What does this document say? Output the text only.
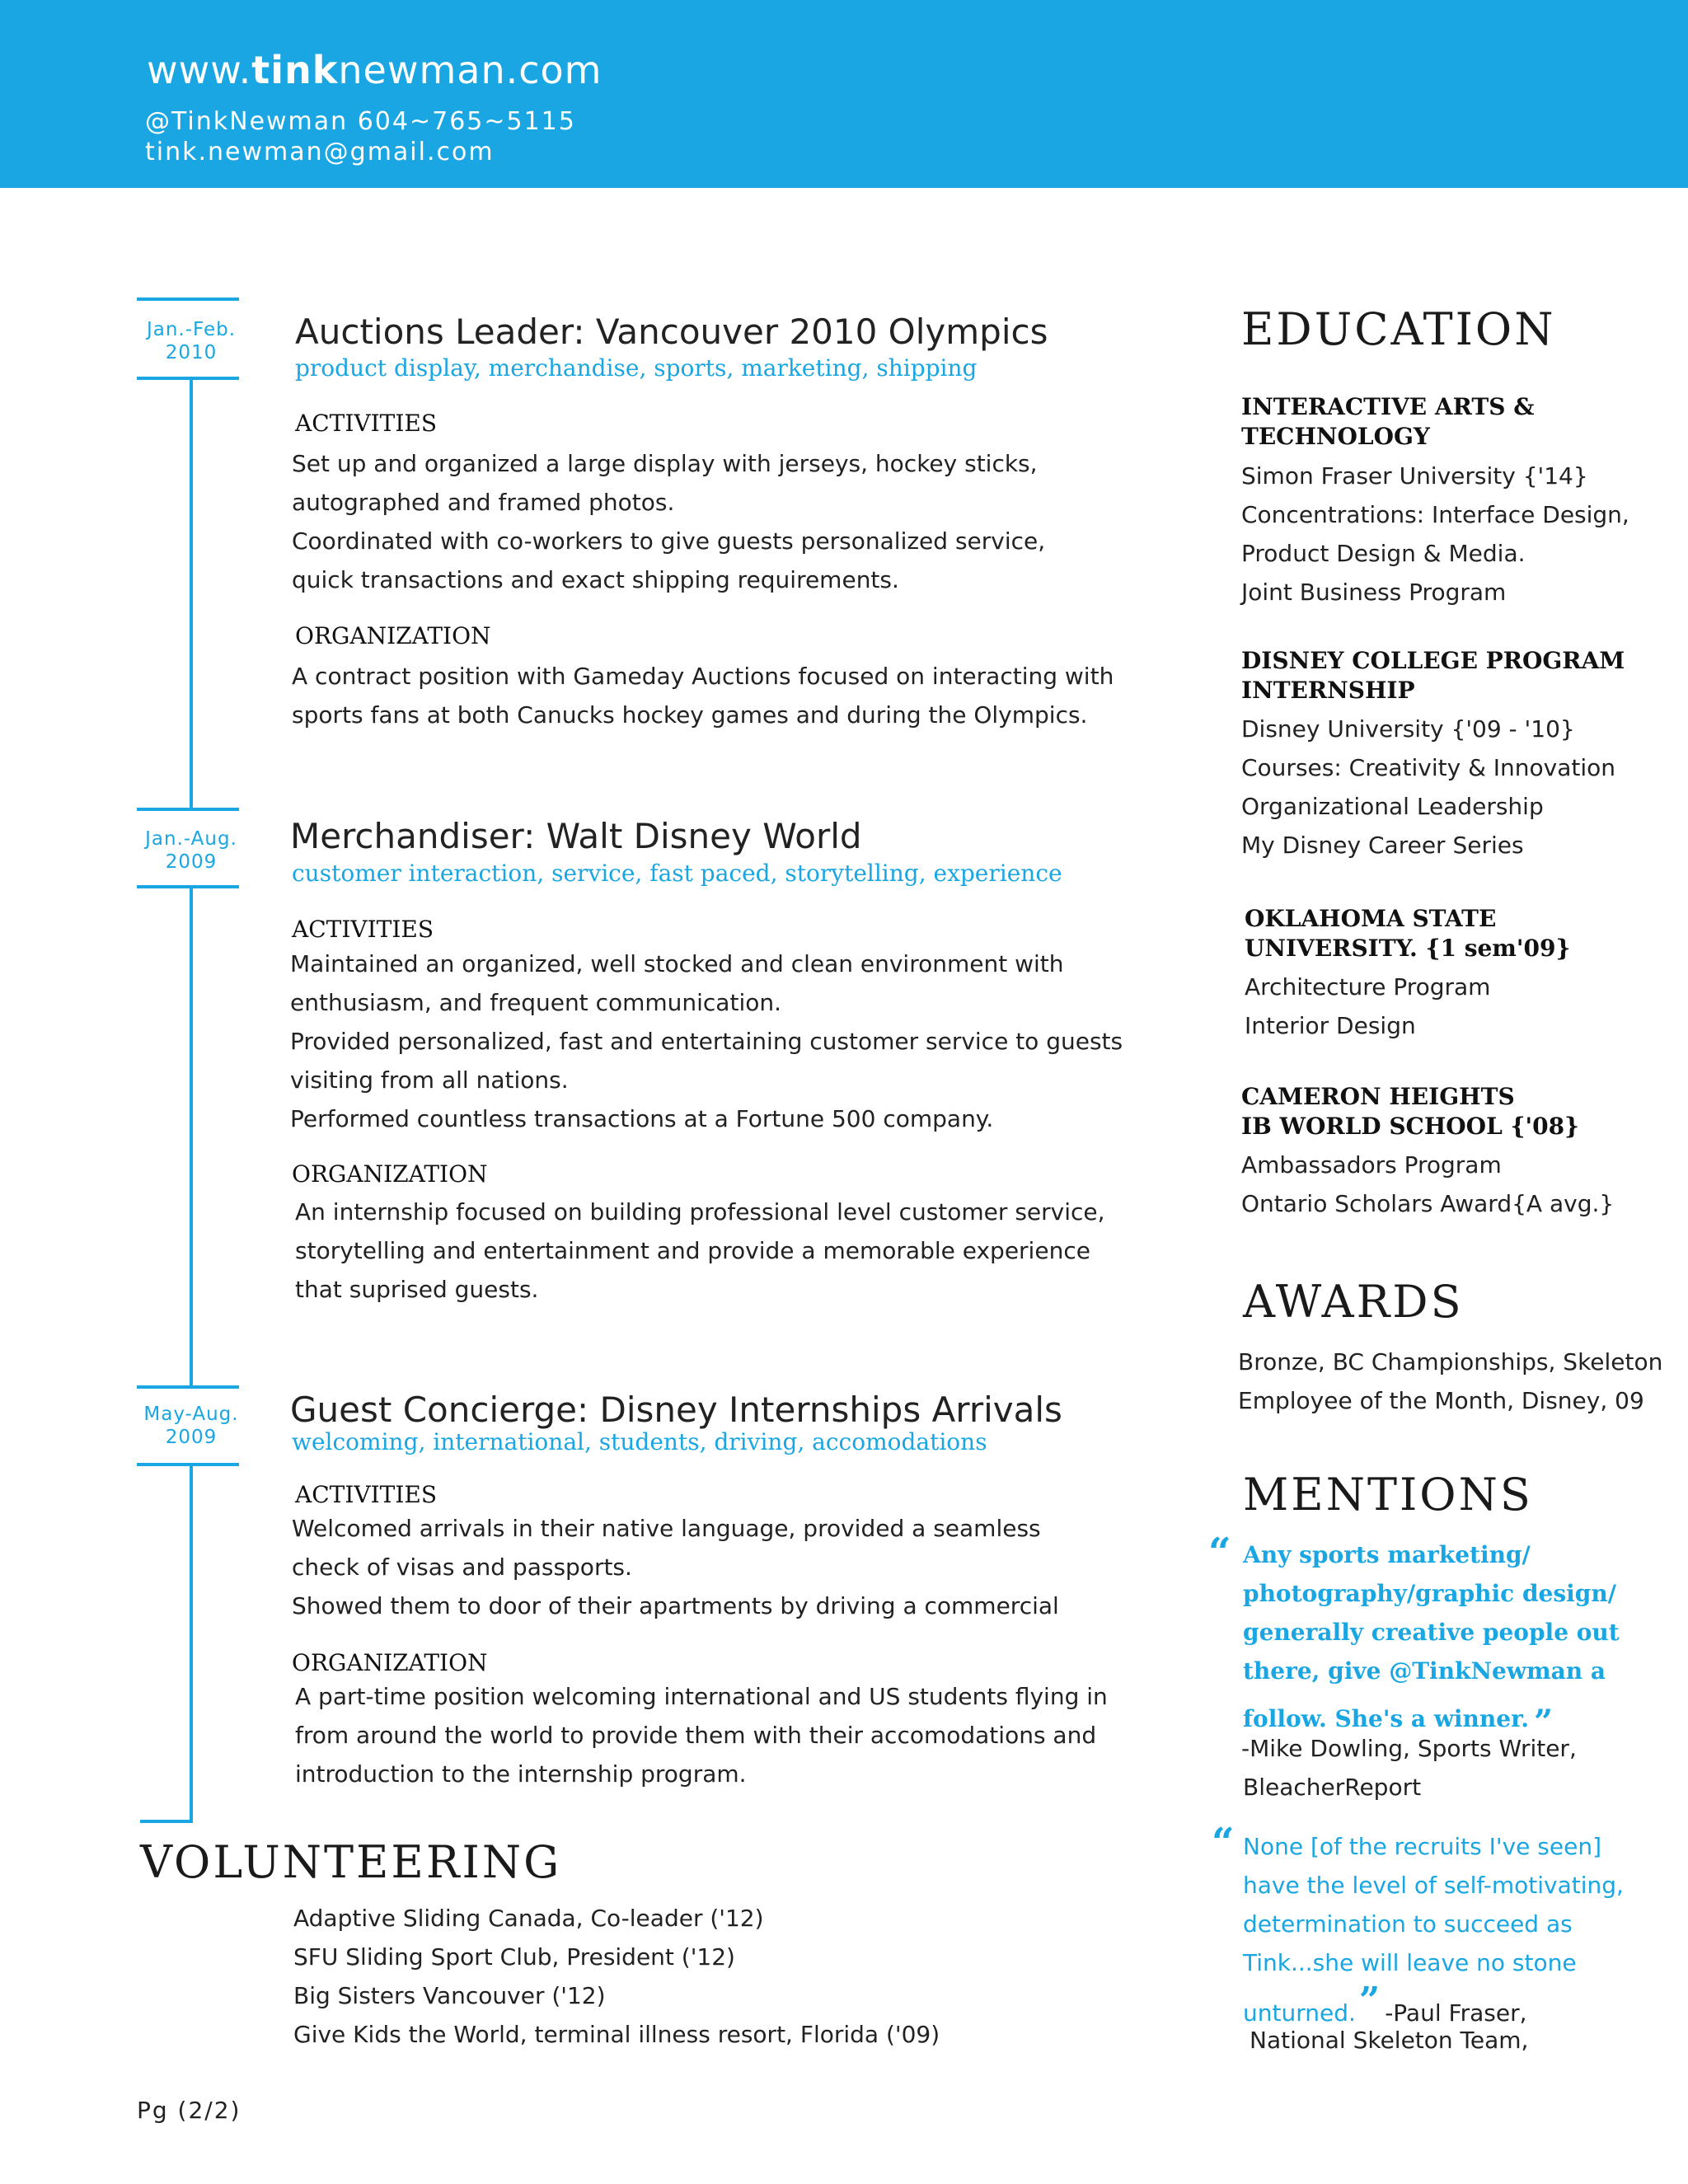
www.tinknewman.com
@TinkNewman 604~765~5115
tink.newman@gmail.com
Jan.-Feb.
2010
Jan.-Aug.
2009
May-Aug.
2009
Auctions Leader: Vancouver 2010 Olympics
product display, merchandise, sports, marketing, shipping
ACTIVITIES
Set up and organized a large display with jerseys, hockey sticks,
autographed and framed photos.
Coordinated with co-workers to give guests personalized service,
quick transactions and exact shipping requirements.
ORGANIZATION
A contract position with Gameday Auctions focused on interacting with
sports fans at both Canucks hockey games and during the Olympics.
Merchandiser: Walt Disney World
customer interaction, service, fast paced, storytelling, experience
ACTIVITIES
Maintained an organized, well stocked and clean environment with
enthusiasm, and frequent communication.
Provided personalized, fast and entertaining customer service to guests
visiting from all nations.
Performed countless transactions at a Fortune 500 company.
ORGANIZATION
An internship focused on building professional level customer service,
storytelling and entertainment and provide a memorable experience
that suprised guests.
Guest Concierge: Disney Internships Arrivals
welcoming, international, students, driving, accomodations
ACTIVITIES
Welcomed arrivals in their native language, provided a seamless
check of visas and passports.
Showed them to door of their apartments by driving a commercial
ORGANIZATION
A part-time position welcoming international and US students flying in
from around the world to provide them with their accomodations and
introduction to the internship program.
VOLUNTEERING
Adaptive Sliding Canada, Co-leader ('12)
SFU Sliding Sport Club, President ('12)
Big Sisters Vancouver ('12)
Give Kids the World, terminal illness resort, Florida ('09)
EDUCATION
INTERACTIVE ARTS &
TECHNOLOGY
Simon Fraser University {'14}
Concentrations: Interface Design,
Product Design & Media.
Joint Business Program
DISNEY COLLEGE PROGRAM
INTERNSHIP
Disney University {'09 - '10}
Courses: Creativity & Innovation
Organizational Leadership
My Disney Career Series
OKLAHOMA STATE
UNIVERSITY. {1 sem'09}
Architecture Program
Interior Design
CAMERON HEIGHTS
IB WORLD SCHOOL {'08}
Ambassadors Program
Ontario Scholars Award{A avg.}
AWARDS
Bronze, BC Championships, Skeleton
Employee of the Month, Disney, 09
MENTIONS
“ Any sports marketing/
photography/graphic design/
generally creative people out
there, give @TinkNewman a
follow. She's a winner. ”
-Mike Dowling, Sports Writer,
BleacherReport
“ None [of the recruits I've seen]
have the level of self-motivating,
determination to succeed as
Tink...she will leave no stone
unturned.” -Paul Fraser,
National Skeleton Team,
Pg (2/2)
